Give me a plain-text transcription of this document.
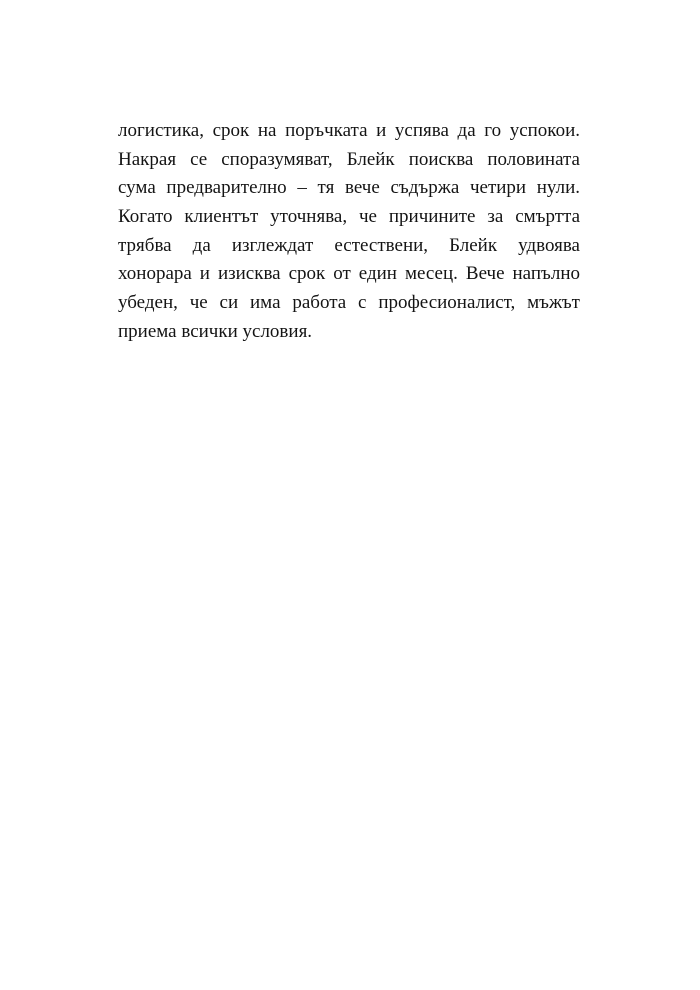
логистика, срок на поръчката и успява да го успокои.
Накрая се споразумяват, Блейк поисква половината
сума предварително – тя вече съдържа четири нули.
Когато клиентът уточнява, че причините за смъртта
трябва да изглеждат естествени, Блейк удвоява
хонорара и изисква срок от един месец. Вече напълно
убеден, че си има работа с професионалист, мъжът
приема всички условия.
